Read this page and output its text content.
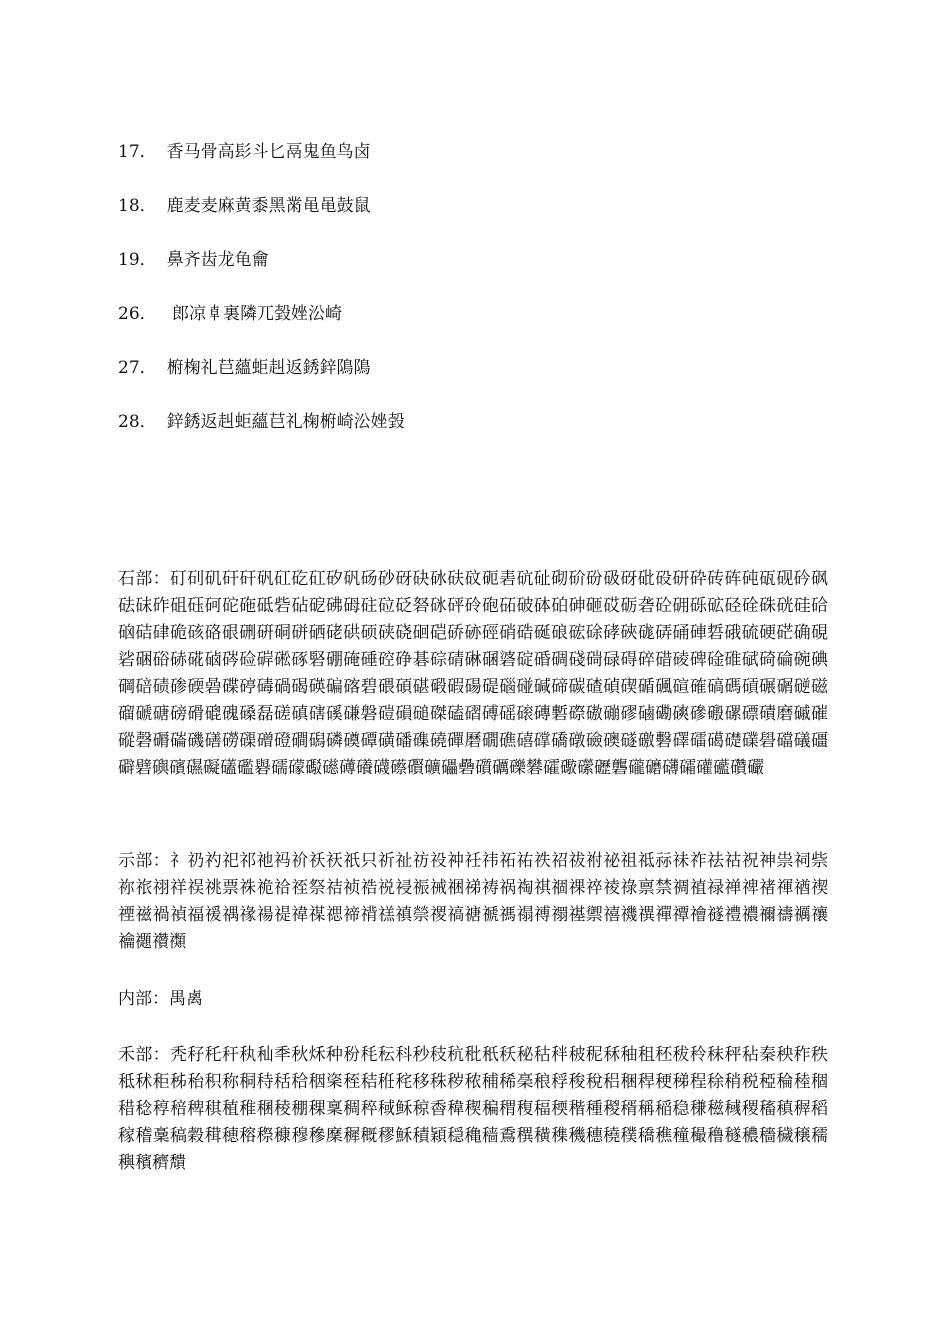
17． 香马骨高髟斗匕鬲鬼鱼鸟卤
18． 鹿麦麦麻黄黍黑黹黾黾鼓鼠
19． 鼻齐齿龙龟龠
26． 郎凉𠦝裏隣兀㲄㛗㳂崎
27． 椨椈礼𦬊蘊蚷赳返銹鋅隝隝
28． 鋅銹返赳蚷蘊𦬊礼椈椨崎㳂㛗㲄
石部：矴矵矶矸矸矾矼矻矼矽矾砀砂砑砄砅砆砇砈砉砊砋砌砎砏砐砑砒砓研砕砖砗砘砙砚砛砜砝砞砟砠砡砢砣砤砥砦砧砨砩砪砫砬砭砮砯砰砱砲砳破砵砶砷砸砹砺砻砼砽砾砿硁硂硃硄硅硆硇硈硉硊硋硌硍硎硏硐硑硒硓硔硕硖硗硘硙硚硛硜硝硞硟硠硡硢硣硤硥硦硧硨硩硪硫硬硭确硯硰硱硲硳硴硵硶硷硸硹硺硻硼硽硾硿碀碁碂碃碄碅碆碇碈碉碊碋碌碍碎碏碐碑碒碓碔碕碖碗碘碙碚碛碜碝碞碟碠碡碢碣碤碥碦碧碨碩碪碫碬碭碮碯碰碱碲碳碴碵碶碷碸碹確碻碼碽碾碿磀磁磂磃磄磅磆磇磈磉磊磋磌磍磎磏磐磑磒磓磔磕磖磗磘磙磚磛磜磝磞磟磠磡磢磣磤磥磦磧磨磩磪磫磬磭磮磯磰磱磲磳磴磵磶磷磸磹磺磻磼磽磾磿礀礁礂礃礄礅礆礇礈礉礊礋礌礍礎礏礐礑礒礓礔礕礖礗礘礙礚礛礜礝礞礟礠礡礢礣礤礥礦礧礨礩礪礫礬礭礮礯礰礱礲礳礴礵礶礷礸礹
示部：礻礽礿祀祁祂祃祄祅祆祇只祈祉祊祋祌祍祎祏祐祑祒祓祔祕祖祗祘祙祚祛祜祝神祟祠祡祢祣祤祥祦祧票祩祪祫祬祭祮祯祰祱祲祳祴祵祶祷祸祹祺祻祼祽祾祿禀禁禂禃禄禅禆禇禈禉禊禋禌禍禎福禐禑禒禓禔禕禖禗禘禙禚禛禜禝禞禟禠禡禢禣禤禥禦禧禨禩禪禫禬禭禮禯禰禱禲禳禴禵禶禷
内部：禺禼
禾部：秃秄秅秆秇秈秊秋秌种秎秏秐科秒秓秔秕秖秗秘秙秚秛秜秝秞租秠秡秢秣秤秥秦秧秨秩秪秫秬秭秮积称秱秲秳秴秵秶秷秸秹秺移秼秽秾秿稀稁稂稃稄稅稆稇稈稉稊程稌稍税稏稐稑稒稓稔稕稖稗稘稙稚稛稜稝稞稟稠稡稢稣稤稥稦稧稨稩稪稫稬稭種稯稰稱稲稳稴稵稶稷稸稹稺稻稼稽稾稿穀穁穂穃穄穅穆穇穈穉穊穋穌積穎穏穐穑穒穓穔穕穖穗穘穙穚穛穜穝穞穟穠穡穢穣穤穥穦穧穨
